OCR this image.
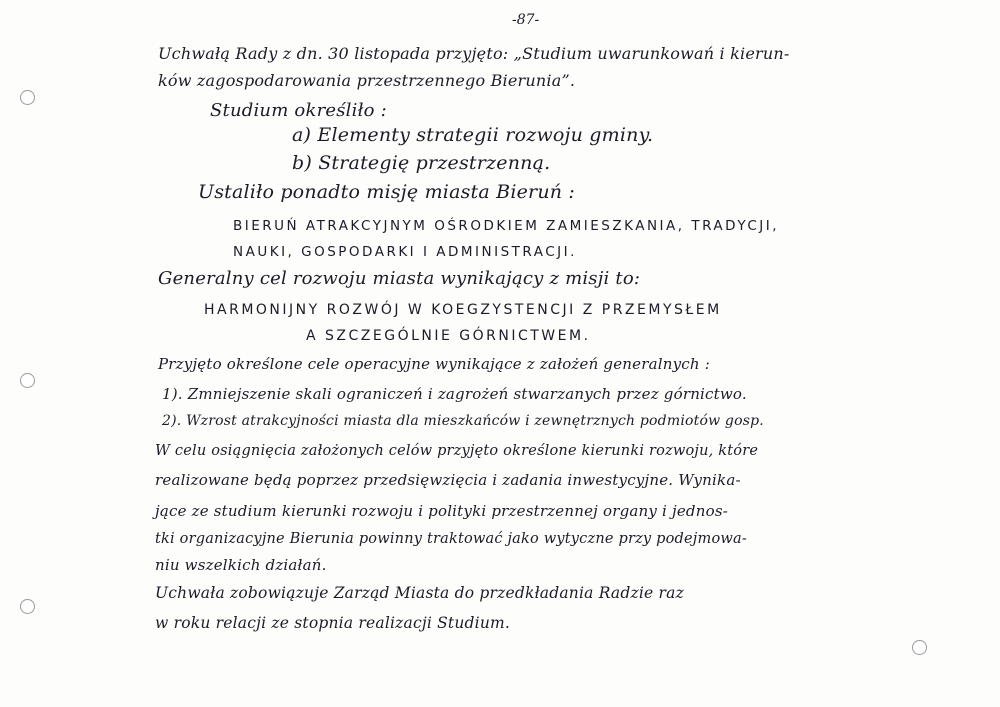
-87-
Uchwałą Rady z dn. 30 listopada przyjęto: „Studium uwarunkowań i kierun-
ków zagospodarowania przestrzennego Bierunia”.
Studium określiło :
a) Elementy strategii rozwoju gminy.
b) Strategię przestrzenną.
Ustaliło ponadto misję miasta Bieruń :
BIERUŃ ATRAKCYJNYM OŚRODKIEM ZAMIESZKANIA, TRADYCJI,
NAUKI, GOSPODARKI I ADMINISTRACJI.
Generalny cel rozwoju miasta wynikający z misji to:
HARMONIJNY ROZWÓJ W KOEGZYSTENCJI Z PRZEMYSŁEM
A SZCZEGÓLNIE GÓRNICTWEM.
Przyjęto określone cele operacyjne wynikające z założeń generalnych :
1). Zmniejszenie skali ograniczeń i zagrożeń stwarzanych przez górnictwo.
2). Wzrost atrakcyjności miasta dla mieszkańców i zewnętrznych podmiotów gosp.
W celu osiągnięcia założonych celów przyjęto określone kierunki rozwoju, które
realizowane będą poprzez przedsięwzięcia i zadania inwestycyjne. Wynika-
jące ze studium kierunki rozwoju i polityki przestrzennej organy i jednos-
tki organizacyjne Bierunia powinny traktować jako wytyczne przy podejmowa-
niu wszelkich działań.
Uchwała zobowiązuje Zarząd Miasta do przedkładania Radzie raz
w roku relacji ze stopnia realizacji Studium.
